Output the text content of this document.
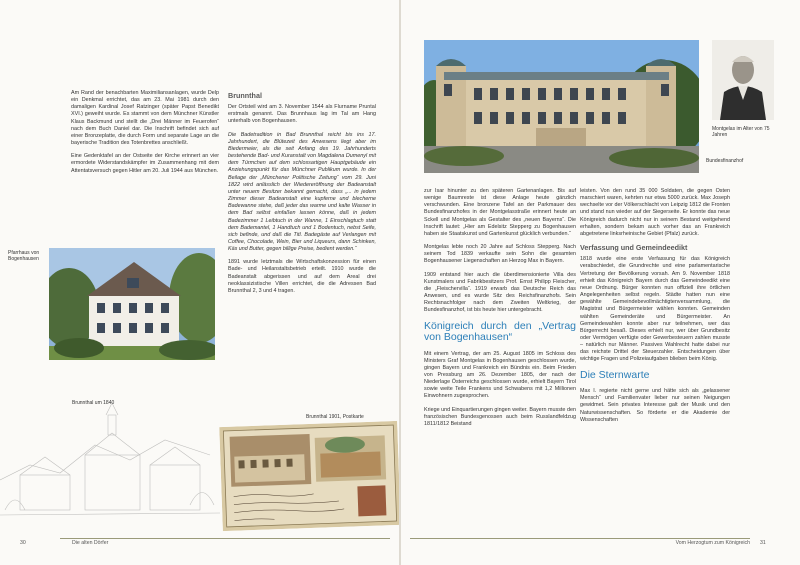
Am Rand der benachbarten Maximiliansanlagen, wurde Delp ein Denkmal errichtet, das am 23. Mai 1981 durch den damaligen Kardinal Josef Ratzinger (später Papst Benedikt XVI.) geweiht wurde. Es stammt von dem Münchner Künstler Klaus Backmund und stellt die „Drei Männer im Feuerofen“ nach dem Buch Daniel dar. Die Inschrift befindet sich auf einer Bronzeplatte, die durch Form und separate Lage an die bayerische Tradition des Totenbrettes anschließt.

Eine Gedenktafel an der Ostseite der Kirche erinnert an vier ermordete Widerstandskämpfer im Zusammenhang mit dem Attentatsversuch gegen Hitler am 20. Juli 1944 aus München.

Brunnthal

Der Ortsteil wird am 3. November 1544 als Flurname Pruntal erstmals genannt. Das Brunnhaus lag im Tal am Hang unterhalb von Bogenhausen.

Die Badetradition in Bad Brunnthal reicht bis ins 17. Jahrhundert, die Blütezeit des Anwesens liegt aber im Biedermeier, als die seit Anfang des 19. Jahrhunderts bestehende Bad- und Kuranstalt von Magdalena Dumenyl mit dem Türmchen auf dem schlossartigen Hauptgebäude ein Anziehungspunkt für das Münchner Publikum wurde. In der Beilage der „Münchener Politische Zeitung“ vom 29. Juni 1822 wird anlässlich der Wiedereröffnung der Badeanstalt unter neuem Besitzer bekannt gemacht, dass „... in jedem Zimmer dieser Badeanstalt eine kupferne und blecherne Badewanne stehe, daß jeder das warme und kalte Wasser in dem Bad selbst einfaßen lassen könne, daß in jedem Badezimmer 1 Leibtuch in der Wanne, 1 Einschlagtuch statt dem Bademantel, 1 Handtuch und 1 Bodentuch, nebst Seife, sich befinde, und daß die Titl. Badegäste auf Verlangen mit Coffee, Chocolade, Wein, Bier und Liqueurs, dann Schinken, Käs und Butter, gegen billige Preise, bedient werden.“

1891 wurde letztmals die Wirtschaftskonzession für einen Bade- und Heilanstaltsbetrieb erteilt. 1910 wurde die Badeanstalt abgerissen und auf dem Areal drei neoklassizistische Villen errichtet, die die Adressen Bad Brunnthal 2, 3 und 4 tragen.

Pfarrhaus von Bogenhausen
Brunnthal um 1840
Brunnthal 1901, Postkarte
30	Die alten Dörfer
Montgelas im Alter von 75 Jahren
Bundesfinanzhof

zur Isar hinunter zu den späteren Gartenanlagen. Bis auf wenige Baumreste ist diese Anlage heute gänzlich verschwunden. Eine bronzene Tafel an der Parkmauer des Bundesfinanzhofes in der Montgelasstraße erinnert heute an Sckell und Montgelas als Gestalter des „neuen Bayerns“. Die Inschrift lautet: „Hier am Edelsitz Stepperg zu Bogenhausen haben sie Staatskunst und Gartenkunst glücklich verbunden.“

Montgelas lebte noch 20 Jahre auf Schloss Stepperg. Nach seinem Tod 1839 verkaufte sein Sohn die gesamten Bogenhausener Liegenschaften an Herzog Max in Bayern.

1909 entstand hier auch die überdimensionierte Villa des Kunstmalers und Fabrikbesitzers Prof. Ernst Philipp Fleischer, die „Fleischervilla“. 1919 erwarb das Deutsche Reich das Anwesen, und es wurde Sitz des Reichsfinanzhofs. Sein Rechtsnachfolger nach dem Zweiten Weltkrieg, der Bundesfinanzhof, ist bis heute hier untergebracht.

Königreich durch den „Vertrag von Bogenhausen“

Mit einem Vertrag, der am 25. August 1805 im Schloss des Ministers Graf Montgelas in Bogenhausen geschlossen wurde, gingen Bayern und Frankreich ein Bündnis ein. Beim Frieden von Pressburg am 26. Dezember 1805, der nach der Niederlage Österreichs geschlossen wurde, erhielt Bayern Tirol sowie weite Teile Frankens und Schwabens mit 1,2 Millionen Einwohnern zugesprochen.

Kriege und Einquartierungen gingen weiter. Bayern musste den französischen Bundesgenossen auch beim Russlandfeldzug 1811/1812 Beistand

leisten. Von den rund 35 000 Soldaten, die gegen Osten marschiert waren, kehrten nur etwa 5000 zurück. Max Joseph wechselte vor der Völkerschlacht von Leipzig 1812 die Fronten und stand nun wieder auf der Siegerseite. Er konnte das neue Königreich dadurch nicht nur in seinem Bestand weitgehend erhalten, sondern bekam auch vorher das an Frankreich abgetretene linksrheinische Gebiet (Pfalz) zurück.

Verfassung und Gemeindeedikt

1818 wurde eine erste Verfassung für das Königreich verabschiedet, die Grundrechte und eine parlamentarische Vertretung der Bevölkerung vorsah. Am 9. November 1818 erhielt das Königreich Bayern durch das Gemeindeedikt eine neue Ordnung. Bürger konnten nun offiziell ihre örtlichen Angelegenheiten selbst regeln. Städte hatten nun eine gewählte Gemeindebevollmächtigtenversammlung, die Magistrat und Bürgermeister wählen konnten. Gemeinden wählten Gemeinderäte und Bürgermeister. An Gemeindewahlen konnte aber nur teilnehmen, wer das Bürgerrecht besaß. Dieses erhielt nur, wer über Grundbesitz oder Vermögen verfügte oder Gewerbesteuern zahlen musste – natürlich nur Männer. Passives Wahlrecht hatte dabei nur das reichste Drittel der Steuerzahler. Entscheidungen über wichtige Fragen und Polizeiaufgaben blieben beim König.

Die Sternwarte

Max I. regierte nicht gerne und hätte sich als „gelassener Mensch“ und Familienvater lieber nur seinen Neigungen gewidmet. Sein privates Interesse galt der Musik und den Naturwissenschaften. So förderte er die Akademie der Wissenschaften

Vom Herzogtum zum Königreich 31
